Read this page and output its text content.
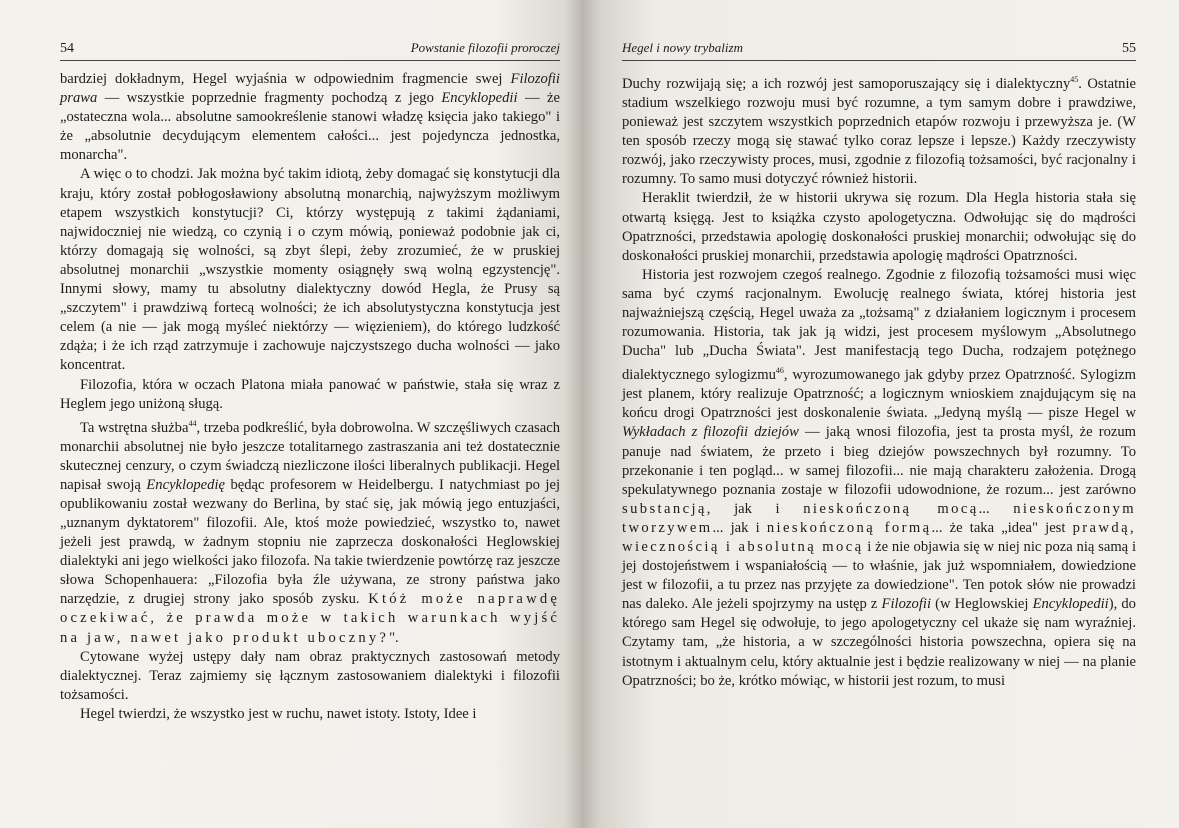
54	Powstanie filozofii proroczej

bardziej dokładnym, Hegel wyjaśnia w odpowiednim fragmencie swej Filozofii prawa — wszystkie poprzednie fragmenty pochodzą z jego Encyklopedii — że „ostateczna wola... absolutne samookreślenie stanowi władzę księcia jako takiego" i że „absolutnie decydującym elementem całości... jest pojedyncza jednostka, monarcha".

A więc o to chodzi. Jak można być takim idiotą, żeby domagać się konstytucji dla kraju, który został pobłogosławiony absolutną monarchią, najwyższym możliwym etapem wszystkich konstytucji? Ci, którzy występują z takimi żądaniami, najwidoczniej nie wiedzą, co czynią i o czym mówią, ponieważ podobnie jak ci, którzy domagają się wolności, są zbyt ślepi, żeby zrozumieć, że w pruskiej absolutnej monarchii „wszystkie momenty osiągnęły swą wolną egzystencję". Innymi słowy, mamy tu absolutny dialektyczny dowód Hegla, że Prusy są „szczytem" i prawdziwą fortecą wolności; że ich absolutystyczna konstytucja jest celem (a nie — jak mogą myśleć niektórzy — więzieniem), do którego ludzkość zdąża; i że ich rząd zatrzymuje i zachowuje najczystszego ducha wolności — jako koncentrat.

Filozofia, która w oczach Platona miała panować w państwie, stała się wraz z Heglem jego uniżoną sługą.

Ta wstrętna służba$^{44}$, trzeba podkreślić, była dobrowolna. W szczęśliwych czasach monarchii absolutnej nie było jeszcze totalitarnego zastraszania ani też dostatecznie skutecznej cenzury, o czym świadczą niezliczone ilości liberalnych publikacji. Hegel napisał swoją Encyklopedię będąc profesorem w Heidelbergu. I natychmiast po jej opublikowaniu został wezwany do Berlina, by stać się, jak mówią jego entuzjaści, „uznanym dyktatorem" filozofii. Ale, ktoś może powiedzieć, wszystko to, nawet jeżeli jest prawdą, w żadnym stopniu nie zaprzecza doskonałości Heglowskiej dialektyki ani jego wielkości jako filozofa. Na takie twierdzenie powtórzę raz jeszcze słowa Schopenhauera: „Filozofia była źle używana, ze strony państwa jako narzędzie, z drugiej strony jako sposób zysku. Któż może naprawdę oczekiwać, że prawda może w takich warunkach wyjść na jaw, nawet jako produkt uboczny?".

Cytowane wyżej ustępy dały nam obraz praktycznych zastosowań metody dialektycznej. Teraz zajmiemy się łącznym zastosowaniem dialektyki i filozofii tożsamości.

Hegel twierdzi, że wszystko jest w ruchu, nawet istoty. Istoty, Idee i

Hegel i nowy trybalizm	55

Duchy rozwijają się; a ich rozwój jest samoporuszający się i dialektyczny$^{45}$. Ostatnie stadium wszelkiego rozwoju musi być rozumne, a tym samym dobre i prawdziwe, ponieważ jest szczytem wszystkich poprzednich etapów rozwoju i przewyższa je. (W ten sposób rzeczy mogą się stawać tylko coraz lepsze i lepsze.) Każdy rzeczywisty rozwój, jako rzeczywisty proces, musi, zgodnie z filozofią tożsamości, być racjonalny i rozumny. To samo musi dotyczyć również historii.

Heraklit twierdził, że w historii ukrywa się rozum. Dla Hegla historia stała się otwartą księgą. Jest to książka czysto apologetyczna. Odwołując się do mądrości Opatrzności, przedstawia apologię doskonałości pruskiej monarchii; odwołując się do doskonałości pruskiej monarchii, przedstawia apologię mądrości Opatrzności.

Historia jest rozwojem czegoś realnego. Zgodnie z filozofią tożsamości musi więc sama być czymś racjonalnym. Ewolucję realnego świata, której historia jest najważniejszą częścią, Hegel uważa za „tożsamą" z działaniem logicznym i procesem rozumowania. Historia, tak jak ją widzi, jest procesem myślowym „Absolutnego Ducha" lub „Ducha Świata". Jest manifestacją tego Ducha, rodzajem potężnego dialektycznego sylogizmu$^{46}$, wyrozumowanego jak gdyby przez Opatrzność. Sylogizm jest planem, który realizuje Opatrzność; a logicznym wnioskiem znajdującym się na końcu drogi Opatrzności jest doskonalenie świata. „Jedyną myślą — pisze Hegel w Wykładach z filozofii dziejów — jaką wnosi filozofia, jest ta prosta myśl, że rozum panuje nad światem, że przeto i bieg dziejów powszechnych był rozumny. To przekonanie i ten pogląd... w samej filozofii... nie mają charakteru założenia. Drogą spekulatywnego poznania zostaje w filozofii udowodnione, że rozum... jest zarówno substancją, jak i nieskończoną mocą... nieskończonym tworzywem... jak i nieskończoną formą... że taka „idea" jest prawdą, wiecznością i absolutną mocą i że nie objawia się w niej nic poza nią samą i jej dostojeństwem i wspaniałością — to właśnie, jak już wspomniałem, dowiedzione jest w filozofii, a tu przez nas przyjęte za dowiedzione". Ten potok słów nie prowadzi nas daleko. Ale jeżeli spojrzymy na ustęp z Filozofii (w Heglowskiej Encyklopedii), do którego sam Hegel się odwołuje, to jego apologetyczny cel ukaże się nam wyraźniej. Czytamy tam, „że historia, a w szczególności historia powszechna, opiera się na istotnym i aktualnym celu, który aktualnie jest i będzie realizowany w niej — na planie Opatrzności; bo że, krótko mówiąc, w historii jest rozum, to musi
